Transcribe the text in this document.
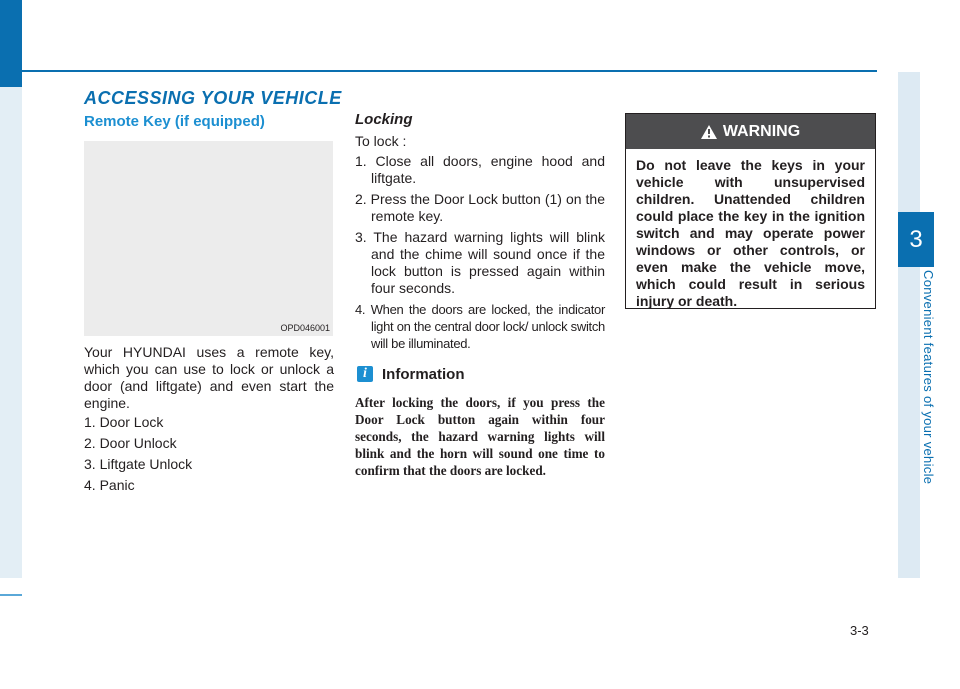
3
Convenient features of your vehicle
ACCESSING YOUR VEHICLE
Remote Key (if equipped)
OPD046001
Your HYUNDAI uses a remote key, which you can use to lock or unlock a door (and liftgate) and even start the engine.
1. Door Lock
2. Door Unlock
3. Liftgate Unlock
4. Panic
Locking
To lock :
1. Close all doors, engine hood and liftgate.
2. Press the Door Lock button (1) on the remote key.
3. The hazard warning lights will blink and the chime will sound once if the lock button is pressed again within four seconds.
4. When the doors are locked, the indicator light on the central door lock/ unlock switch will be illuminated.
i	Information
After locking the doors, if you press the Door Lock button again within four seconds, the hazard warning lights will blink and the horn will sound one time to confirm that the doors are locked.
WARNING
Do not leave the keys in your vehicle with unsupervised children. Unattended children could place the key in the ignition switch and may operate power windows or other controls, or even make the vehicle move, which could result in serious injury or death.
3-3
